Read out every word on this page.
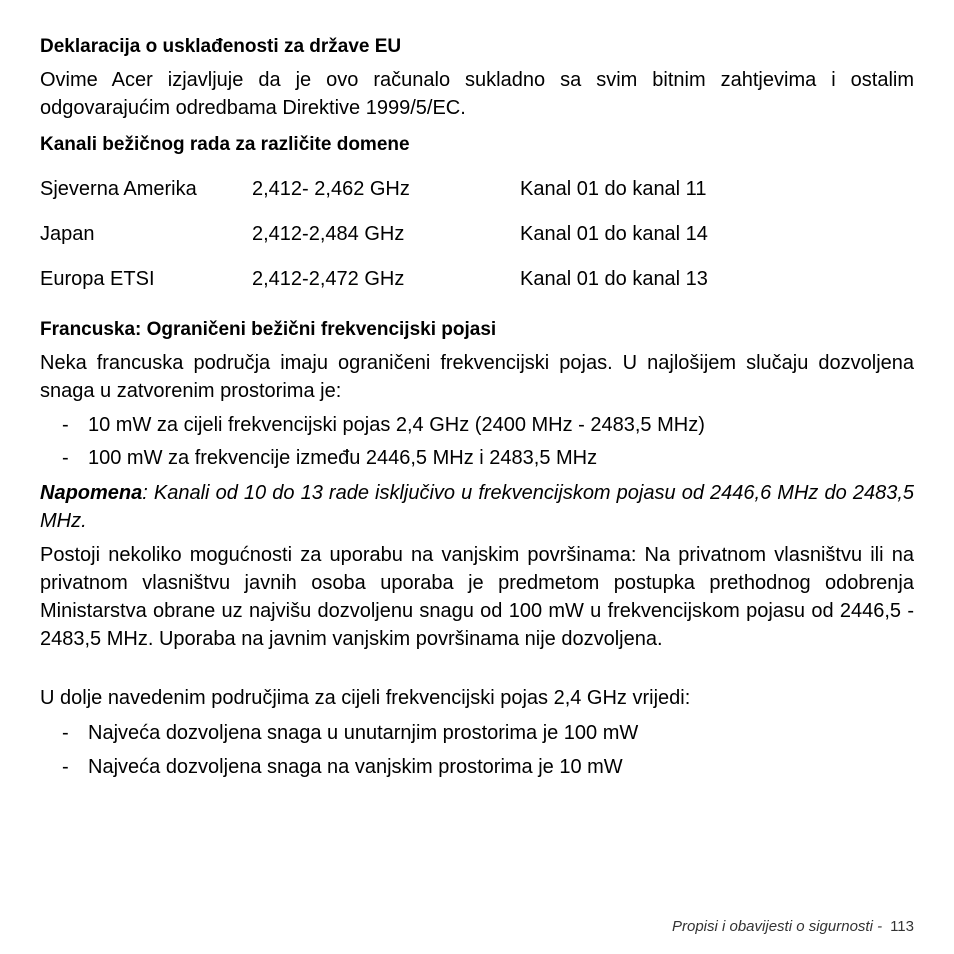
Deklaracija o usklađenosti za države EU

Ovime Acer izjavljuje da je ovo računalo sukladno sa svim bitnim zahtjevima i ostalim odgovarajućim odredbama Direktive 1999/5/EC.

Kanali bežičnog rada za različite domene
Sjeverna Amerika	2,412- 2,462 GHz	Kanal 01 do kanal 11
Japan	2,412-2,484 GHz	Kanal 01 do kanal 14
Europa ETSI	2,412-2,472 GHz	Kanal 01 do kanal 13
Francuska: Ograničeni bežični frekvencijski pojasi

Neka francuska područja imaju ograničeni frekvencijski pojas. U najlošijem slučaju dozvoljena snaga u zatvorenim prostorima je:

- 10 mW za cijeli frekvencijski pojas 2,4 GHz (2400 MHz - 2483,5 MHz)
- 100 mW za frekvencije između 2446,5 MHz i 2483,5 MHz

Napomena: Kanali od 10 do 13 rade isključivo u frekvencijskom pojasu od 2446,6 MHz do 2483,5 MHz.

Postoji nekoliko mogućnosti za uporabu na vanjskim površinama: Na privatnom vlasništvu ili na privatnom vlasništvu javnih osoba uporaba je predmetom postupka prethodnog odobrenja Ministarstva obrane uz najvišu dozvoljenu snagu od 100 mW u frekvencijskom pojasu od 2446,5 - 2483,5 MHz. Uporaba na javnim vanjskim površinama nije dozvoljena.

U dolje navedenim područjima za cijeli frekvencijski pojas 2,4 GHz vrijedi:

- Najveća dozvoljena snaga u unutarnjim prostorima je 100 mW
- Najveća dozvoljena snaga na vanjskim prostorima je 10 mW
Propisi i obavijesti o sigurnosti - 113
